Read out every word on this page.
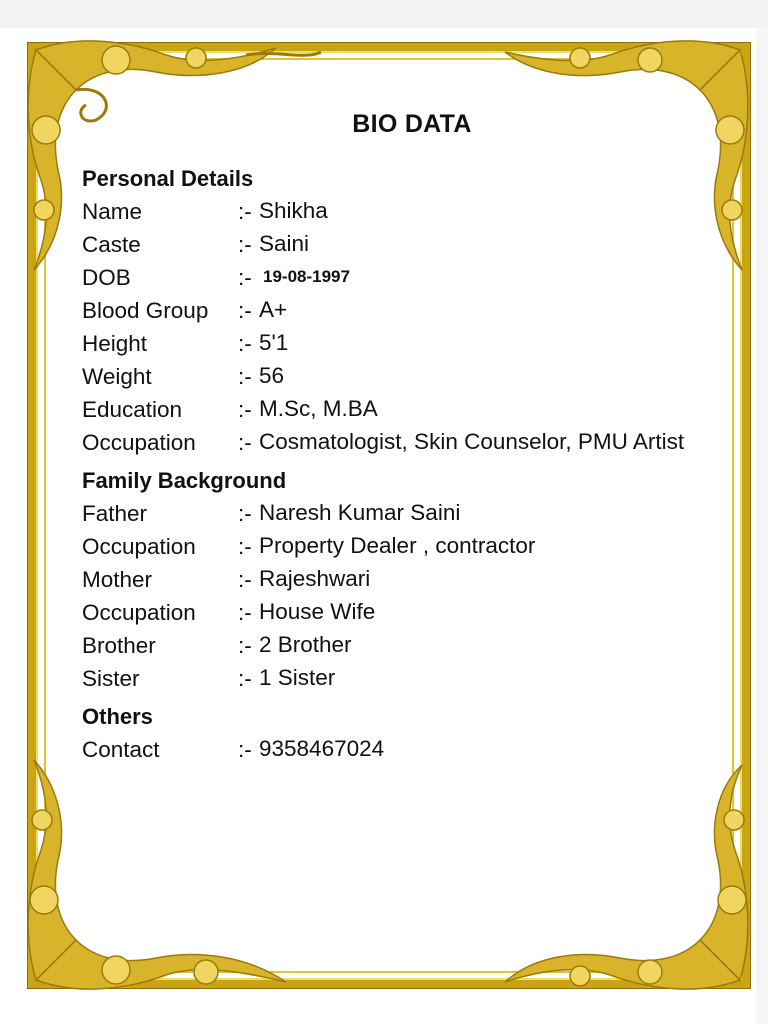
BIO DATA
Personal Details
Name	:- Shikha
Caste	:- Saini
DOB	:- 19-08-1997
Blood Group	:- A+
Height	:- 5'1
Weight	:- 56
Education	:- M.Sc, M.BA
Occupation	:- Cosmatologist, Skin Counselor, PMU Artist
Family Background
Father	:- Naresh Kumar Saini
Occupation	:- Property Dealer , contractor
Mother	:- Rajeshwari
Occupation	:- House Wife
Brother	:- 2 Brother
Sister	:- 1 Sister
Others
Contact	:- 9358467024
